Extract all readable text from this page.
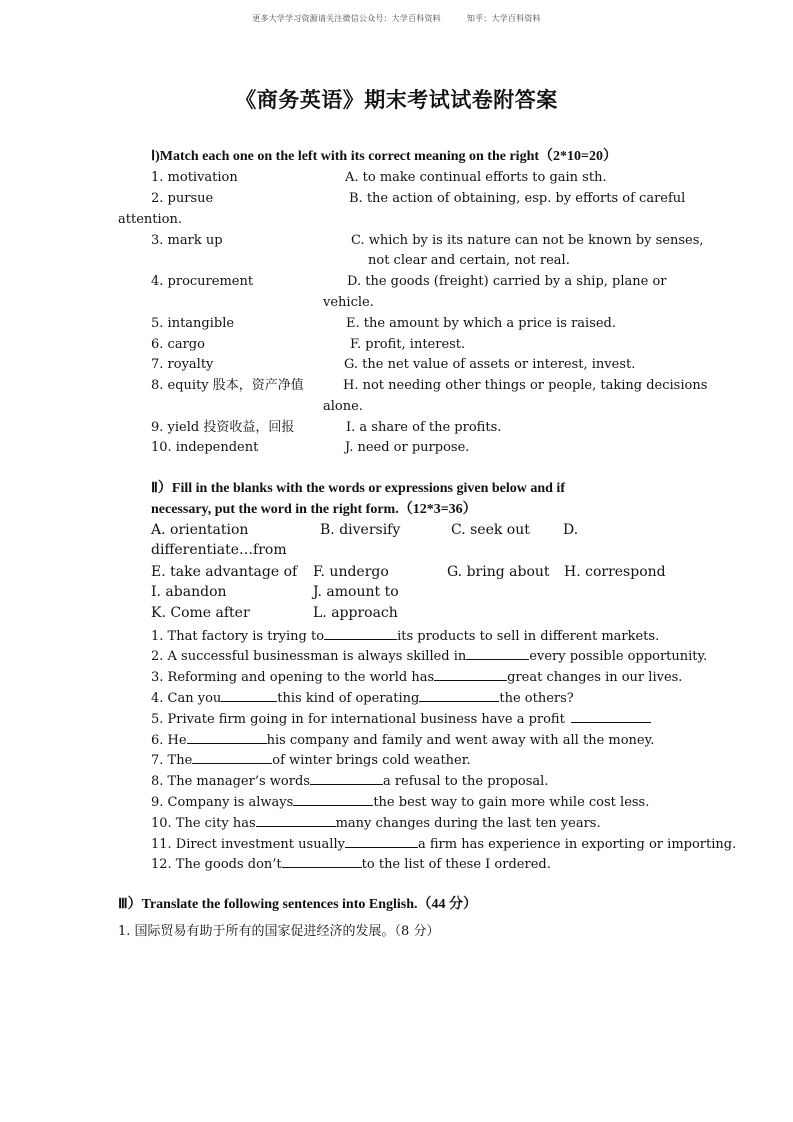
更多大学学习资源请关注微信公众号：大学百科资料	知乎：大学百科资料
《商务英语》期末考试试卷附答案
Ⅰ)Match each one on the left with its correct meaning on the right（2*10=20）
1. motivation	A. to make continual efforts to gain sth.
2. pursue	B. the action of obtaining, esp. by efforts of careful
attention.
3. mark up	C. which by is its nature can not be known by senses,
not clear and certain, not real.
4. procurement	D. the goods (freight) carried by a ship, plane or
vehicle.
5. intangible	E. the amount by which a price is raised.
6. cargo	F. profit, interest.
7. royalty	G. the net value of assets or interest, invest.
8. equity 股本，资产净值	H. not needing other things or people, taking decisions
alone.
9. yield 投资收益，回报	I. a share of the profits.
10. independent	J. need or purpose.
Ⅱ）Fill in the blanks with the words or expressions given below and if
necessary, put the word in the right form.（12*3=36）
A. orientation	B. diversify	C. seek out D.
differentiate…from
E. take advantage of F. undergo	G. bring about H. correspond
I. abandon	J. amount to
K. Come after	L. approach
1. That factory is trying to	its products to sell in different markets.
2. A successful businessman is always skilled in	every possible opportunity.
3. Reforming and opening to the world has	great changes in our lives.
4. Can you	this kind of operating	the others?
5. Private firm going in for international business have a profit
6. He	his company and family and went away with all the money.
7. The	of winter brings cold weather.
8. The manager’s words	a refusal to the proposal.
9. Company is always	the best way to gain more while cost less.
10. The city has	many changes during the last ten years.
11. Direct investment usually	a firm has experience in exporting or importing.
12. The goods don’t	to the list of these I ordered.
Ⅲ）Translate the following sentences into English.（44 分）
1. 国际贸易有助于所有的国家促进经济的发展。（8 分）
